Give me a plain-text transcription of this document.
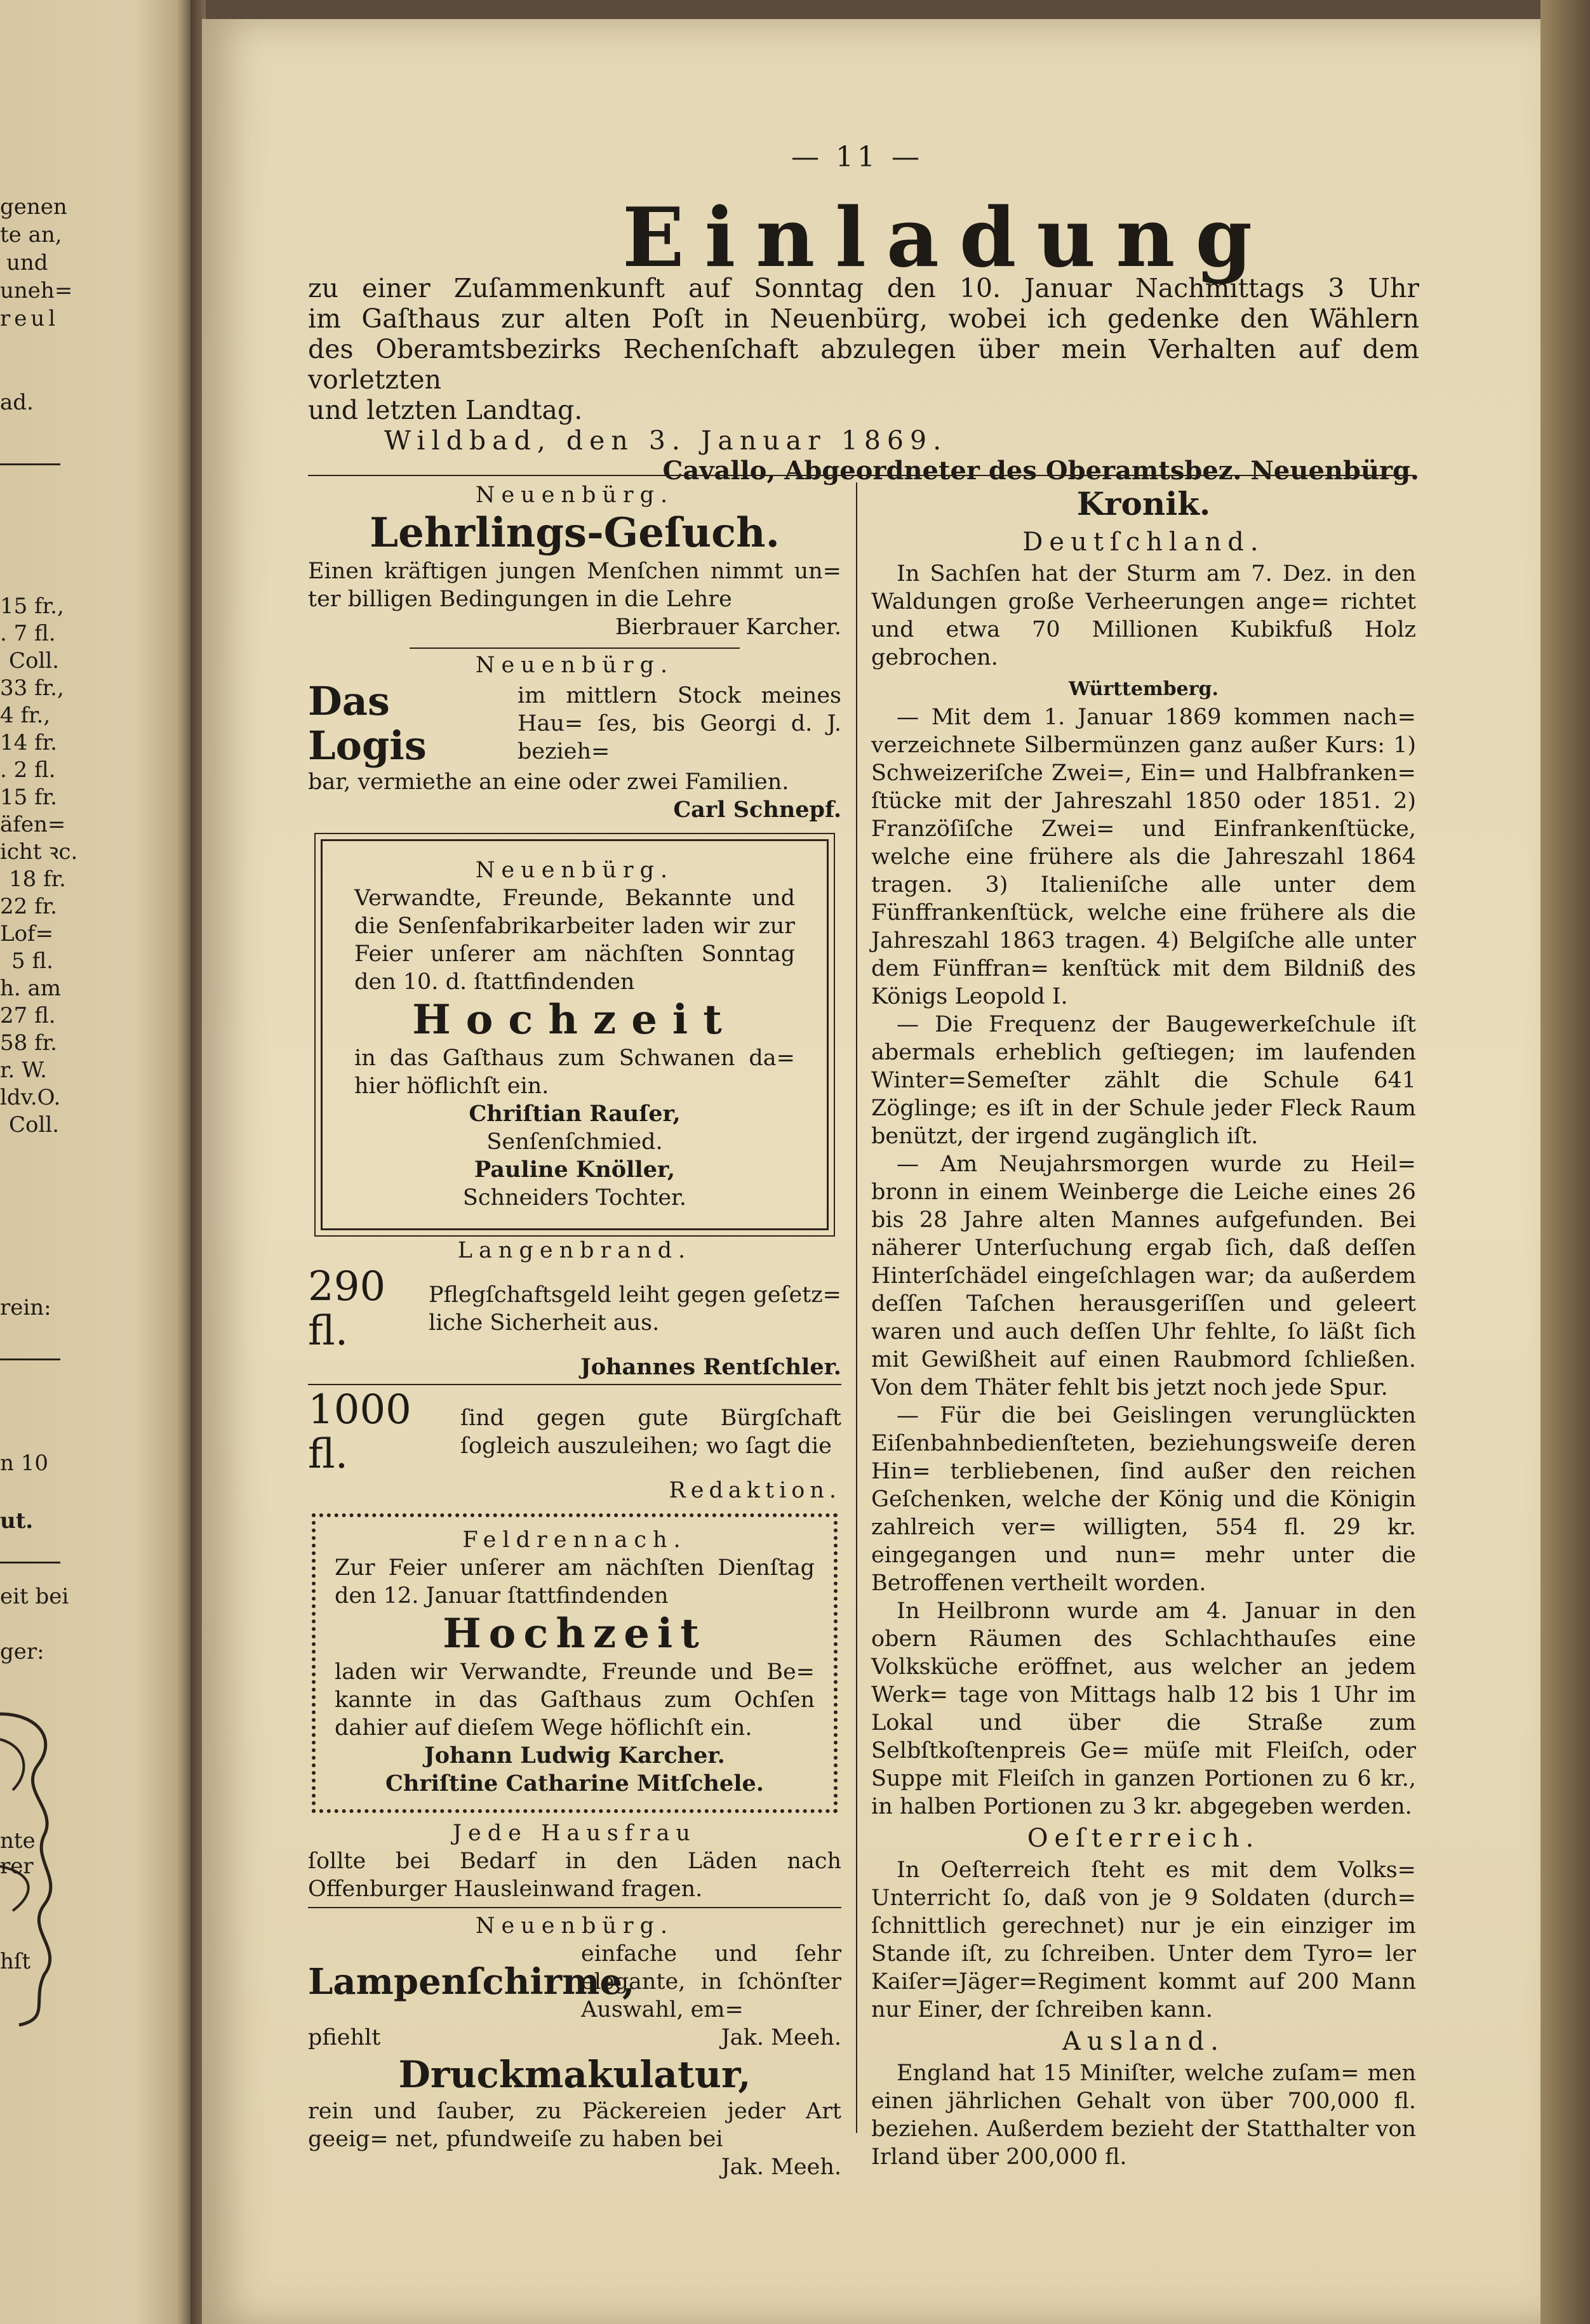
genen
te an,
und
uneh=
reul
ad.
15 fr.,
. 7 fl.
Coll.
33 fr.,
4 fr.,
14 fr.
. 2 fl.
15 fr.
äfen=
icht ꝛc.
18 fr.
22 fr.
Lof=
5 fl.
h. am
27 fl.
58 fr.
r. W.
ldv.O.
Coll.
rein:
n 10
ut.
eit bei
ger:
nte
rer
hſt
— 11 —
Einladung

zu einer Zuſammenkunft auf Sonntag den 10. Januar Nachmittags 3 Uhr

im Gaſthaus zur alten Poſt in Neuenbürg, wobei ich gedenke den Wählern

des Oberamtsbezirks Rechenſchaft abzulegen über mein Verhalten auf dem vorletzten

und letzten Landtag.

Wildbad, den 3. Januar 1869.

Cavallo, Abgeordneter des Oberamtsbez. Neuenbürg.

Neuenbürg.

Lehrlings-Geſuch.

Einen kräftigen jungen Menſchen nimmt un= ter billigen Bedingungen in die Lehre

Bierbrauer Karcher.

Neuenbürg.

Das Logis
im mittlern Stock meines Hau= ſes, bis Georgi d. J. bezieh=

bar, vermiethe an eine oder zwei Familien.

Carl Schnepf.

Neuenbürg.

Verwandte, Freunde, Bekannte und die Senſenfabrikarbeiter laden wir zur Feier unſerer am nächſten Sonntag den 10. d. ſtattfindenden

Hochzeit

in das Gaſthaus zum Schwanen da= hier höflichſt ein.

Chriſtian Rauſer,

Senſenſchmied.

Pauline Knöller,

Schneiders Tochter.

Langenbrand.

290 fl.
Pflegſchaftsgeld leiht gegen geſetz= liche Sicherheit aus.

Johannes Rentſchler.

1000 fl.
ſind gegen gute Bürgſchaft ſogleich auszuleihen; wo ſagt die

Redaktion.

Feldrennach.

Zur Feier unſerer am nächſten Dienſtag den 12. Januar ſtattfindenden

Hochzeit

laden wir Verwandte, Freunde und Be= kannte in das Gaſthaus zum Ochſen dahier auf dieſem Wege höflichſt ein.

Johann Ludwig Karcher.

Chriſtine Catharine Mitſchele.

Jede Hausfrau

ſollte bei Bedarf in den Läden nach Offenburger Hausleinwand fragen.

Neuenbürg.

Lampenſchirme,
einfache und ſehr elegante, in ſchönſter Auswahl, em=
pfiehlt	Jak. Meeh.

Druckmakulatur,

rein und ſauber, zu Päckereien jeder Art geeig= net, pfundweiſe zu haben bei

Jak. Meeh.

Kronik.

Deutſchland.

In Sachſen hat der Sturm am 7. Dez. in den Waldungen große Verheerungen ange= richtet und etwa 70 Millionen Kubikfuß Holz gebrochen.

Württemberg.

— Mit dem 1. Januar 1869 kommen nach= verzeichnete Silbermünzen ganz außer Kurs: 1) Schweizeriſche Zwei=, Ein= und Halbfranken= ſtücke mit der Jahreszahl 1850 oder 1851. 2) Franzöſiſche Zwei= und Einfrankenſtücke, welche eine frühere als die Jahreszahl 1864 tragen. 3) Italieniſche alle unter dem Fünffrankenſtück, welche eine frühere als die Jahreszahl 1863 tragen. 4) Belgiſche alle unter dem Fünffran= kenſtück mit dem Bildniß des Königs Leopold I.

— Die Frequenz der Baugewerkeſchule iſt abermals erheblich geſtiegen; im laufenden Winter=Semeſter zählt die Schule 641 Zöglinge; es iſt in der Schule jeder Fleck Raum benützt, der irgend zugänglich iſt.

— Am Neujahrsmorgen wurde zu Heil= bronn in einem Weinberge die Leiche eines 26 bis 28 Jahre alten Mannes aufgefunden. Bei näherer Unterſuchung ergab ſich, daß deſſen Hinterſchädel eingeſchlagen war; da außerdem deſſen Taſchen herausgeriſſen und geleert waren und auch deſſen Uhr fehlte, ſo läßt ſich mit Gewißheit auf einen Raubmord ſchließen. Von dem Thäter fehlt bis jetzt noch jede Spur.

— Für die bei Geislingen verunglückten Eiſenbahnbedienſteten, beziehungsweiſe deren Hin= terbliebenen, ſind außer den reichen Geſchenken, welche der König und die Königin zahlreich ver= willigten, 554 fl. 29 kr. eingegangen und nun= mehr unter die Betroffenen vertheilt worden.

In Heilbronn wurde am 4. Januar in den obern Räumen des Schlachthauſes eine Volksküche eröffnet, aus welcher an jedem Werk= tage von Mittags halb 12 bis 1 Uhr im Lokal und über die Straße zum Selbſtkoſtenpreis Ge= müſe mit Fleiſch, oder Suppe mit Fleiſch in ganzen Portionen zu 6 kr., in halben Portionen zu 3 kr. abgegeben werden.

Oeſterreich.

In Oeſterreich ſteht es mit dem Volks= Unterricht ſo, daß von je 9 Soldaten (durch= ſchnittlich gerechnet) nur je ein einziger im Stande iſt, zu ſchreiben. Unter dem Tyro= ler Kaiſer=Jäger=Regiment kommt auf 200 Mann nur Einer, der ſchreiben kann.

Ausland.

England hat 15 Miniſter, welche zuſam= men einen jährlichen Gehalt von über 700,000 fl. beziehen. Außerdem bezieht der Statthalter von Irland über 200,000 fl.
